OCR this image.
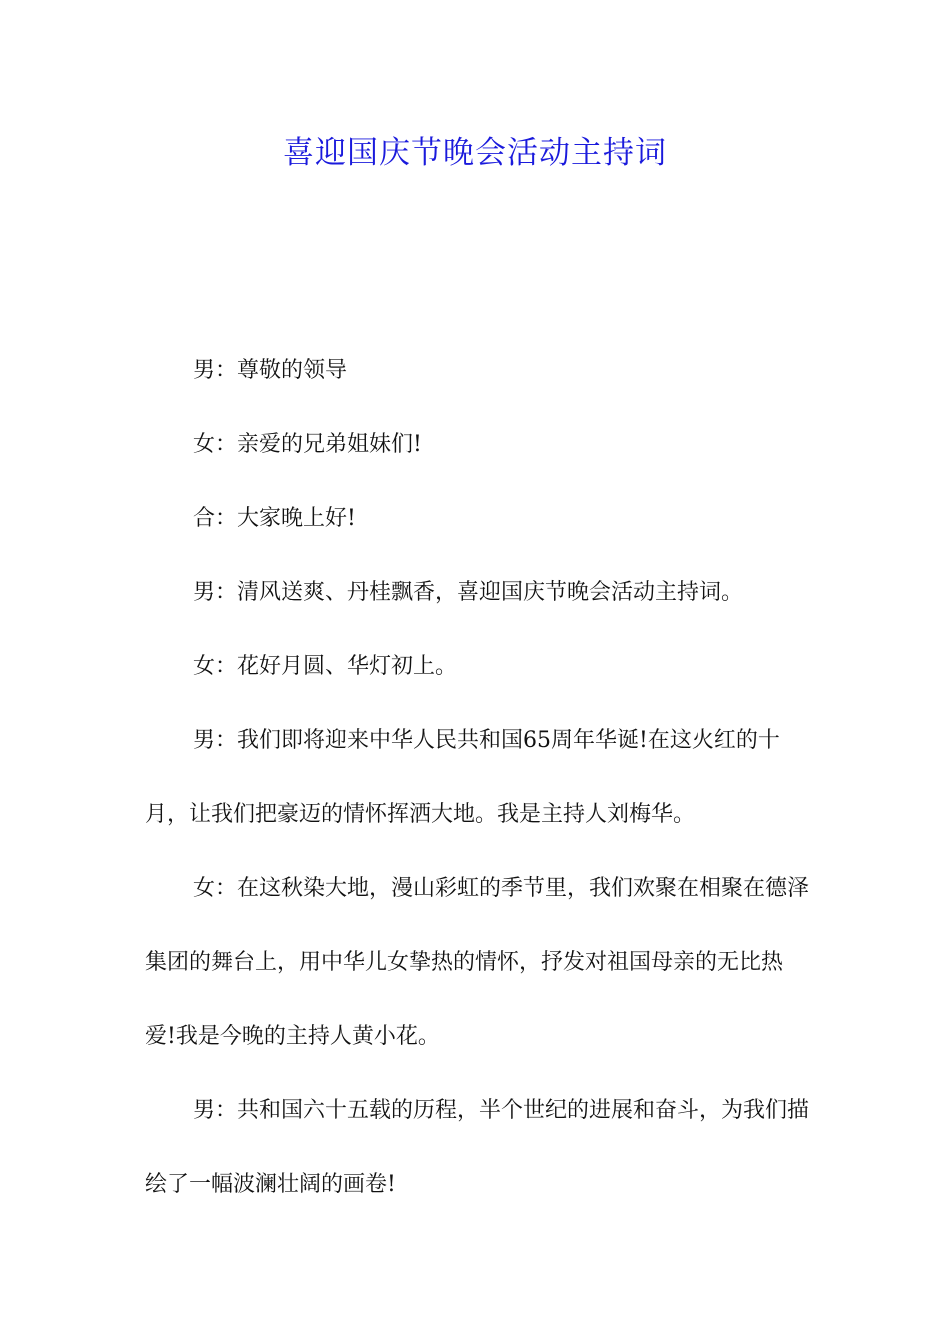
喜迎国庆节晚会活动主持词

男：尊敬的领导

女：亲爱的兄弟姐妹们!

合：大家晚上好!

男：清风送爽、丹桂飘香，喜迎国庆节晚会活动主持词。

女：花好月圆、华灯初上。

男：我们即将迎来中华人民共和国65周年华诞!在这火红的十月，让我们把豪迈的情怀挥洒大地。我是主持人刘梅华。

女：在这秋染大地，漫山彩虹的季节里，我们欢聚在相聚在德泽集团的舞台上，用中华儿女挚热的情怀，抒发对祖国母亲的无比热爱!我是今晚的主持人黄小花。

男：共和国六十五载的历程，半个世纪的进展和奋斗，为我们描绘了一幅波澜壮阔的画卷!
